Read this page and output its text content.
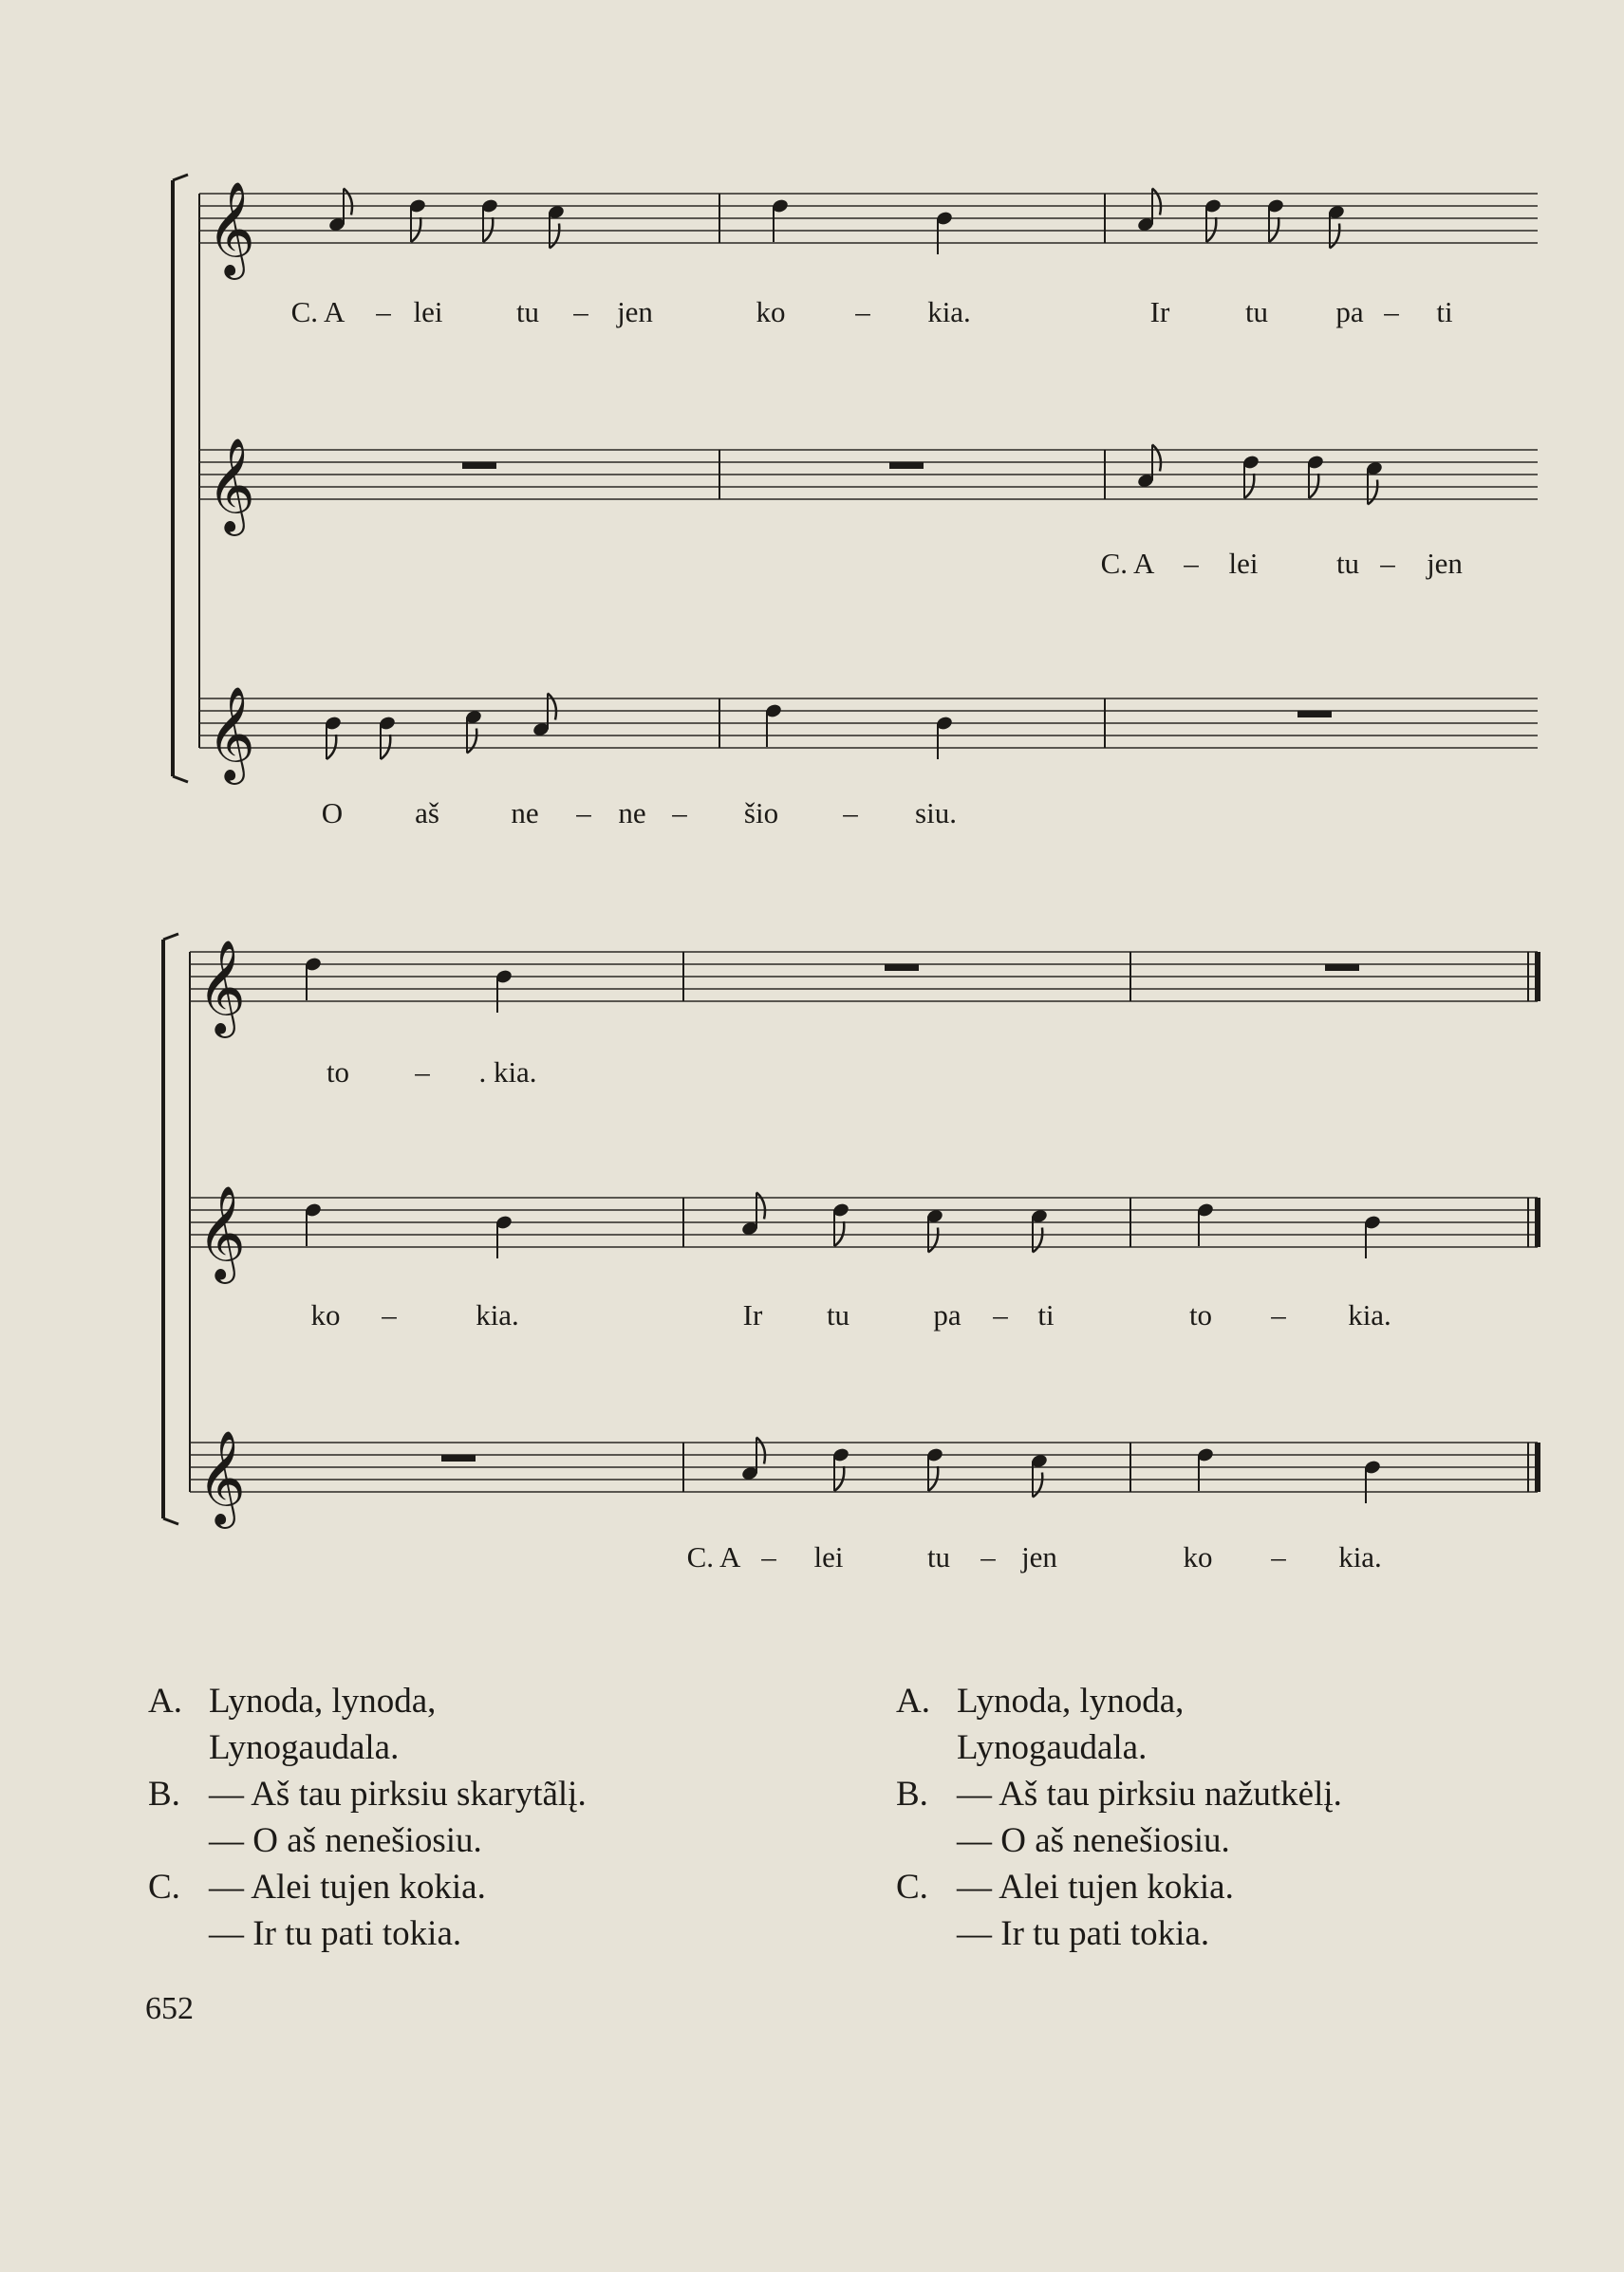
𝄞
𝄞
𝄞
𝄞
𝄞
𝄞
C. A – lei tu – jen	ko – kia.	Ir	tu pa – ti
C. A – lei	tu – jen
O aš ne – ne – šio – siu.
to – . kia.
ko –	kia.	Ir tu	pa – ti	to – kia.
C. A – lei	tu – jen	ko – kia.
A. Lynoda, lynoda,
Lynogaudala.
B. — Aš tau pirksiu skarytãlį.
— O aš nenešiosiu.
C. — Alei tujen kokia.
— Ir tu pati tokia.
A. Lynoda, lynoda,
Lynogaudala.
B. — Aš tau pirksiu nažutkėlį.
— O aš nenešiosiu.
C. — Alei tujen kokia.
— Ir tu pati tokia.
652
